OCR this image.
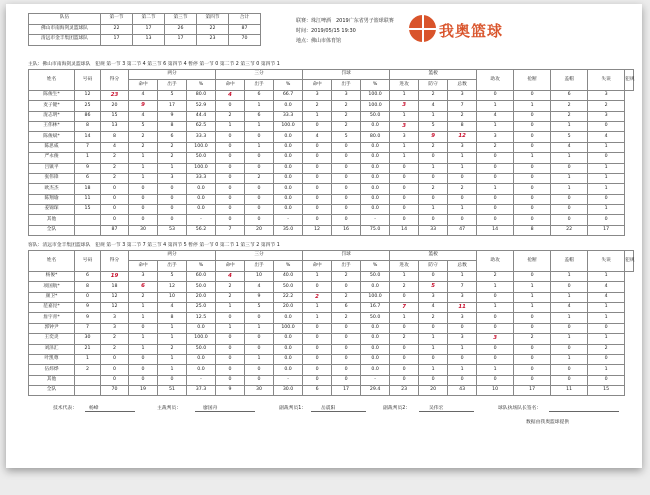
队伍	第一节	第二节	第三节	第四节	合计
佛山市南海剑灵篮球队	22	17	26	22	87
清远市金丰集团篮球队	17	13	17	23	70
联赛：珠江啤酒　2019广东省男子篮球联赛
时间：2019/05/15 19:30
地点：佛山市体育馆
我奥篮球
主队：佛山市南海剑灵篮球队　犯规 第一节 3 第二节 4 第三节 6 第四节 4 暂停 第一节 0 第二节 2 第三节 0 第四节 1
姓名	号码	得分	两分			三分			罚球			篮板			助攻	抢断	盖帽	失误	犯规
			命中	出手	%	命中	出手	%	命中	出手	%	进攻	防守	总数					
陈俊生*	12	23	4	5	80.0	4	6	66.7	3	3	100.0	1	2	3	0	0	6	3	
麦子键*	25	20	9	17	52.9	0	1	0.0	2	2	100.0	3	4	7	1	1	2	2	
庞志明*	86	15	4	9	44.4	2	6	33.3	1	2	50.0	1	1	2	4	0	2	3	
王伟林*	8	13	5	8	62.5	1	1	100.0	0	2	0.0	3	5	8	1	0	1	0	
陈俊斌*	14	8	2	6	33.3	0	0	0.0	4	5	80.0	3	9	12	3	0	5	4	
陈思威	7	4	2	2	100.0	0	1	0.0	0	0	0.0	1	2	3	2	0	4	1	
严永俊	1	2	1	2	50.0	0	0	0.0	0	0	0.0	1	0	1	0	1	1	0	
吕镇平	9	2	1	1	100.0	0	0	0.0	0	0	0.0	0	1	1	0	0	0	1	
张伟锋	6	2	1	3	33.3	0	2	0.0	0	0	0.0	0	0	0	0	0	1	1	
欧杰杰	18	0	0	0	0.0	0	0	0.0	0	0	0.0	0	2	2	1	0	1	1	
陈翔瑜	11	0	0	0	0.0	0	0	0.0	0	0	0.0	0	0	0	0	0	0	0	
姜锦琛	15	0	0	0	0.0	0	0	0.0	0	0	0.0	0	1	1	0	0	0	1	
其他		0	0	0	-	0	0	-	0	0	-	0	0	0	0	0	0	0	
全队		87	30	53	56.2	7	20	35.0	12	16	75.0	14	33	47	14	8	22	17	
客队：清远市金丰集团篮球队　犯规 第一节 3 第二节 7 第三节 4 第四节 5 暂停 第一节 0 第二节 1 第三节 2 第四节 1
姓名	号码	得分	两分			三分			罚球			篮板			助攻	抢断	盖帽	失误	犯规
			命中	出手	%	命中	出手	%	命中	出手	%	进攻	防守	总数					
杨俊*	6	19	3	5	60.0	4	10	40.0	1	2	50.0	1	0	1	2	0	1	1	
项国航*	8	18	6	12	50.0	2	4	50.0	0	0	0.0	2	5	7	1	1	0	4	
颜卫*	0	12	2	10	20.0	2	9	22.2	2	2	100.0	0	3	3	0	1	1	4	
范嘉昆*	9	12	1	4	25.0	1	5	20.0	1	6	16.7	7	4	11	1	1	4	1	
詹宇青*	9	3	1	8	12.5	0	0	0.0	1	2	50.0	1	2	3	0	0	1	1	
郭钟尹	7	3	0	1	0.0	1	1	100.0	0	0	0.0	0	0	0	0	0	0	0	
王奕炎	30	2	1	1	100.0	0	0	0.0	0	0	0.0	2	1	3	3	2	1	1	
刘泽汇	21	2	1	2	50.0	0	0	0.0	0	0	0.0	0	1	1	0	0	0	2	
叶凯尊	1	0	0	1	0.0	0	1	0.0	0	0	0.0	0	0	0	0	0	1	0	
伍炜烨	2	0	0	1	0.0	0	0	0.0	0	0	0.0	0	1	1	1	0	0	1	
其他		0	0	0	-	0	0	-	0	0	-	0	0	0	0	0	0	0	
全队		70	19	51	37.3	9	30	30.0	6	17	29.4	23	20	43	10	17	11	15	
技术代表：	杨峰	主裁判员：	廖国舟	副裁判员1：	岳震阳	副裁判员2：	吴伟宏	球队执场队长签名：
数据由我奥篮球提供
